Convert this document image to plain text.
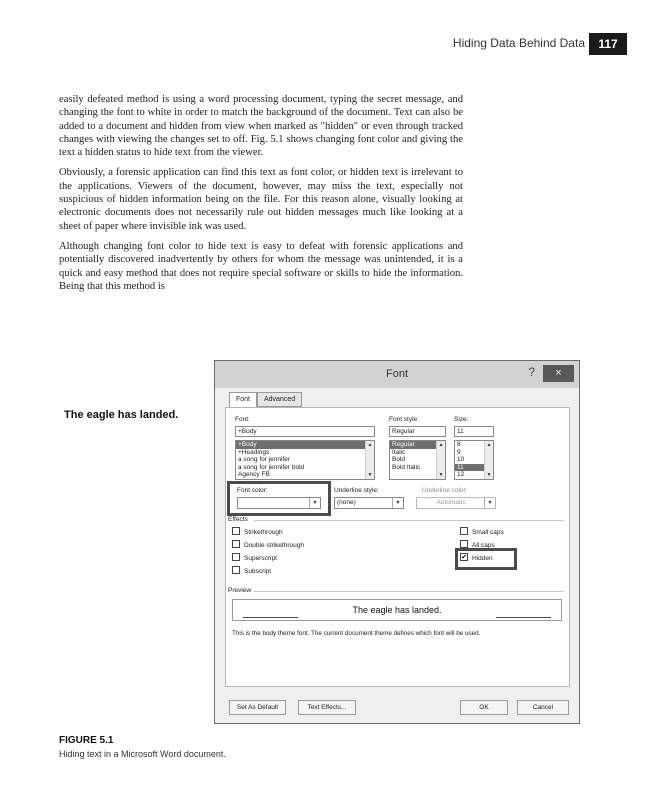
Hiding Data Behind Data	117

easily defeated method is using a word processing document, typing the secret message, and changing the font to white in order to match the background of the document. Text can also be added to a document and hidden from view when marked as "hidden" or even through tracked changes with viewing the changes set to off. Fig. 5.1 shows changing font color and giving the text a hidden status to hide text from the viewer.

Obviously, a forensic application can find this text as font color, or hidden text is irrelevant to the applications. Viewers of the document, however, may miss the text, especially not suspicious of hidden information being on the file. For this reason alone, visually looking at electronic documents does not necessarily rule out hidden messages much like looking at a sheet of paper where invisible ink was used.

Although changing font color to hide text is easy to defeat with forensic applications and potentially discovered inadvertently by others for whom the message was unintended, it is a quick and easy method that does not require special software or skills to hide the information. Being that this method is

The eagle has landed.
Font	?	×
Font	Advanced
Font:
+Body
+Body
+Headings
a song for jennifer
a song for jennifer bold
Agency FB
▲
▼
Font style:
Regular
Regular
Italic
Bold
Bold Italic
▲
▼
Size:
11
8
9
10
11
12
▲
▼
Font color:
▼
Underline style:
(none)	▼
Underline color:
Automatic	▼
Effects
Strikethrough
Double strikethrough
Superscript
Subscript
Small caps
All caps
✔ Hidden
Preview
The eagle has landed.
This is the body theme font. The current document theme defines which font will be used.
Set As Default	Text Effects...	OK	Cancel
FIGURE 5.1
Hiding text in a Microsoft Word document.
